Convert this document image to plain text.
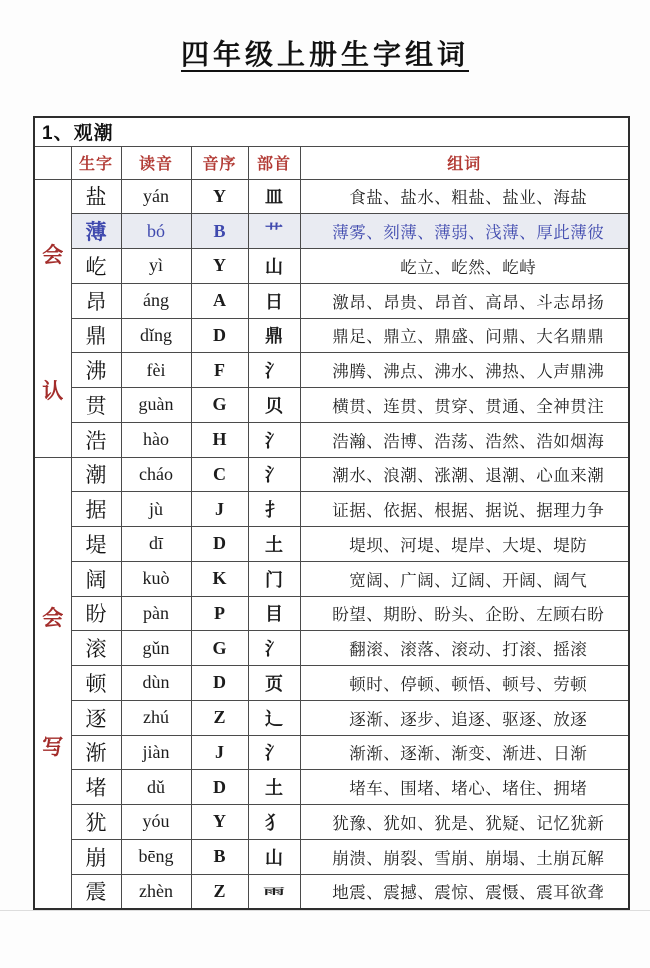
四年级上册生字组词
1、观潮					
	生字	读音	音序	部首	组词

会
认	盐	yán	Y	皿	食盐、盐水、粗盐、盐业、海盐
	薄	bó	B	艹	薄雾、刻薄、薄弱、浅薄、厚此薄彼
	屹	yì	Y	山	屹立、屹然、屹峙
	昂	áng	A	日	激昂、昂贵、昂首、高昂、斗志昂扬
	鼎	dǐng	D	鼎	鼎足、鼎立、鼎盛、问鼎、大名鼎鼎
	沸	fèi	F	氵	沸腾、沸点、沸水、沸热、人声鼎沸
	贯	guàn	G	贝	横贯、连贯、贯穿、贯通、全神贯注
	浩	hào	H	氵	浩瀚、浩博、浩荡、浩然、浩如烟海

会
写	潮	cháo	C	氵	潮水、浪潮、涨潮、退潮、心血来潮
	据	jù	J	扌	证据、依据、根据、据说、据理力争
	堤	dī	D	土	堤坝、河堤、堤岸、大堤、堤防
	阔	kuò	K	门	宽阔、广阔、辽阔、开阔、阔气
	盼	pàn	P	目	盼望、期盼、盼头、企盼、左顾右盼
	滚	gǔn	G	氵	翻滚、滚落、滚动、打滚、摇滚
	顿	dùn	D	页	顿时、停顿、顿悟、顿号、劳顿
	逐	zhú	Z	辶	逐渐、逐步、追逐、驱逐、放逐
	渐	jiàn	J	氵	渐渐、逐渐、渐变、渐进、日渐
	堵	dǔ	D	土	堵车、围堵、堵心、堵住、拥堵
	犹	yóu	Y	犭	犹豫、犹如、犹是、犹疑、记忆犹新
	崩	bēng	B	山	崩溃、崩裂、雪崩、崩塌、土崩瓦解
	震	zhèn	Z	雨	地震、震撼、震惊、震慑、震耳欲聋
